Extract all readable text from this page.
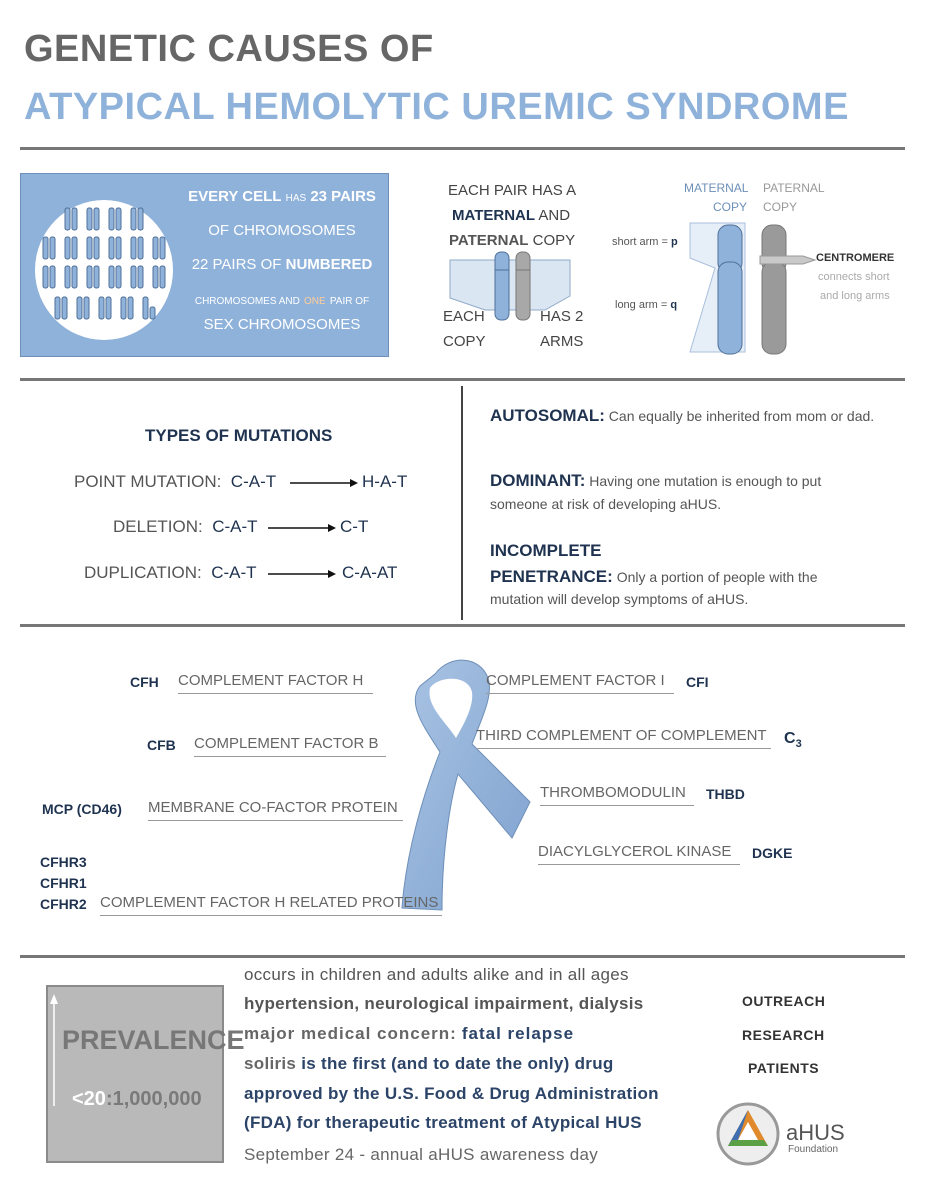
GENETIC CAUSES OF
ATYPICAL HEMOLYTIC UREMIC SYNDROME
EVERY CELL HAS 23 PAIRS
OF CHROMOSOMES
22 PAIRS OF NUMBERED
CHROMOSOMES AND ONE PAIR OF
SEX CHROMOSOMES
EACH PAIR HAS A
MATERNAL AND
PATERNAL COPY
EACH
COPY
HAS 2
ARMS
MATERNAL
COPY
PATERNAL
COPY
short arm = p
long arm = q
CENTROMERE
connects short
and long arms
TYPES OF MUTATIONS
POINT MUTATION: C-A-T	H-A-T
DELETION: C-A-T	C-T
DUPLICATION: C-A-T	C-A-AT
AUTOSOMAL: Can equally be inherited from mom or dad.
DOMINANT: Having one mutation is enough to put someone at risk of developing aHUS.
INCOMPLETE
PENETRANCE: Only a portion of people with the mutation will develop symptoms of aHUS.
CFH COMPLEMENT FACTOR H
CFB COMPLEMENT FACTOR B
MCP (CD46) MEMBRANE CO-FACTOR PROTEIN
CFHR3
CFHR1
CFHR2 COMPLEMENT FACTOR H RELATED PROTEINS
COMPLEMENT FACTOR I	CFI
THIRD COMPLEMENT OF COMPLEMENT $C_3$
THROMBOMODULIN	THBD
DIACYLGLYCEROL KINASE	DGKE
PREVALENCE
<20:1,000,000
occurs in children and adults alike and in all ages
hypertension, neurological impairment, dialysis
major medical concern: fatal relapse
soliris is the first (and to date the only) drug
approved by the U.S. Food & Drug Administration
(FDA) for therapeutic treatment of Atypical HUS
September 24 - annual aHUS awareness day
OUTREACH
RESEARCH
PATIENTS
aHUS
Foundation
